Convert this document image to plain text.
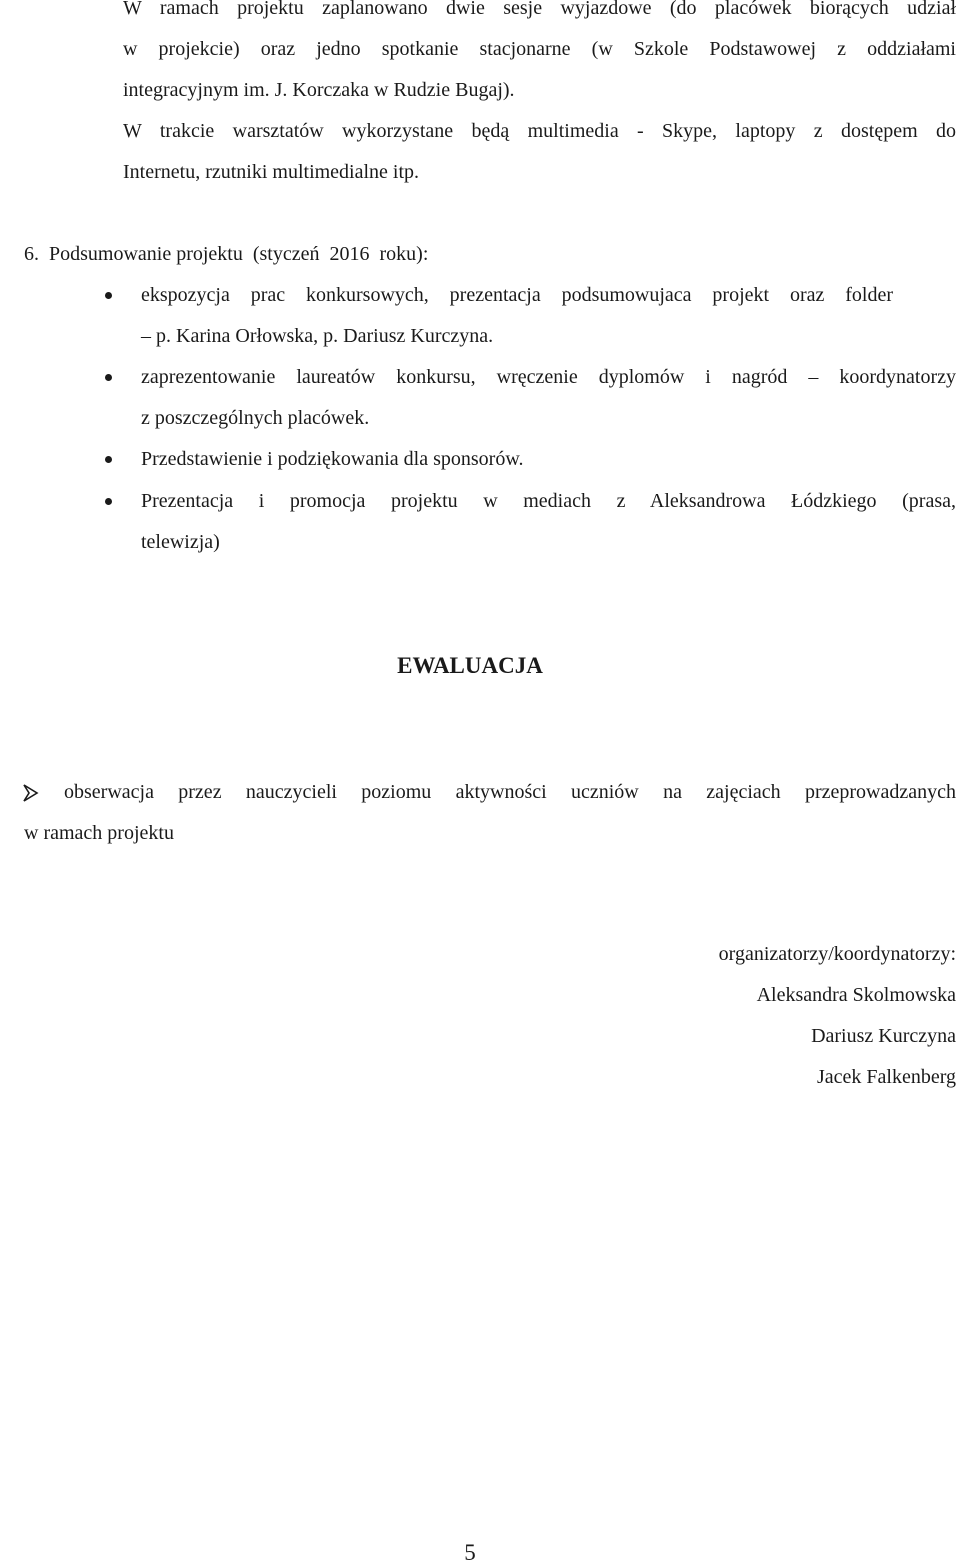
W ramach projektu zaplanowano dwie sesje wyjazdowe (do placówek biorących udział
w projekcie) oraz jedno spotkanie stacjonarne (w Szkole Podstawowej z oddziałami
integracyjnym im. J. Korczaka w Rudzie Bugaj).
W trakcie warsztatów wykorzystane będą multimedia - Skype, laptopy z dostępem do
Internetu, rzutniki multimedialne itp.
6.  Podsumowanie projektu  (styczeń  2016  roku):
ekspozycja prac konkursowych, prezentacja podsumowujaca projekt oraz folder
– p. Karina Orłowska, p. Dariusz Kurczyna.
zaprezentowanie laureatów konkursu, wręczenie dyplomów i nagród – koordynatorzy
z poszczególnych placówek.
Przedstawienie i podziękowania dla sponsorów.
Prezentacja i promocja projektu w mediach z Aleksandrowa Łódzkiego (prasa,
telewizja)
EWALUACJA
obserwacja przez nauczycieli poziomu aktywności uczniów na zajęciach przeprowadzanych
w ramach projektu
organizatorzy/koordynatorzy:
Aleksandra Skolmowska
Dariusz Kurczyna
Jacek Falkenberg
5
